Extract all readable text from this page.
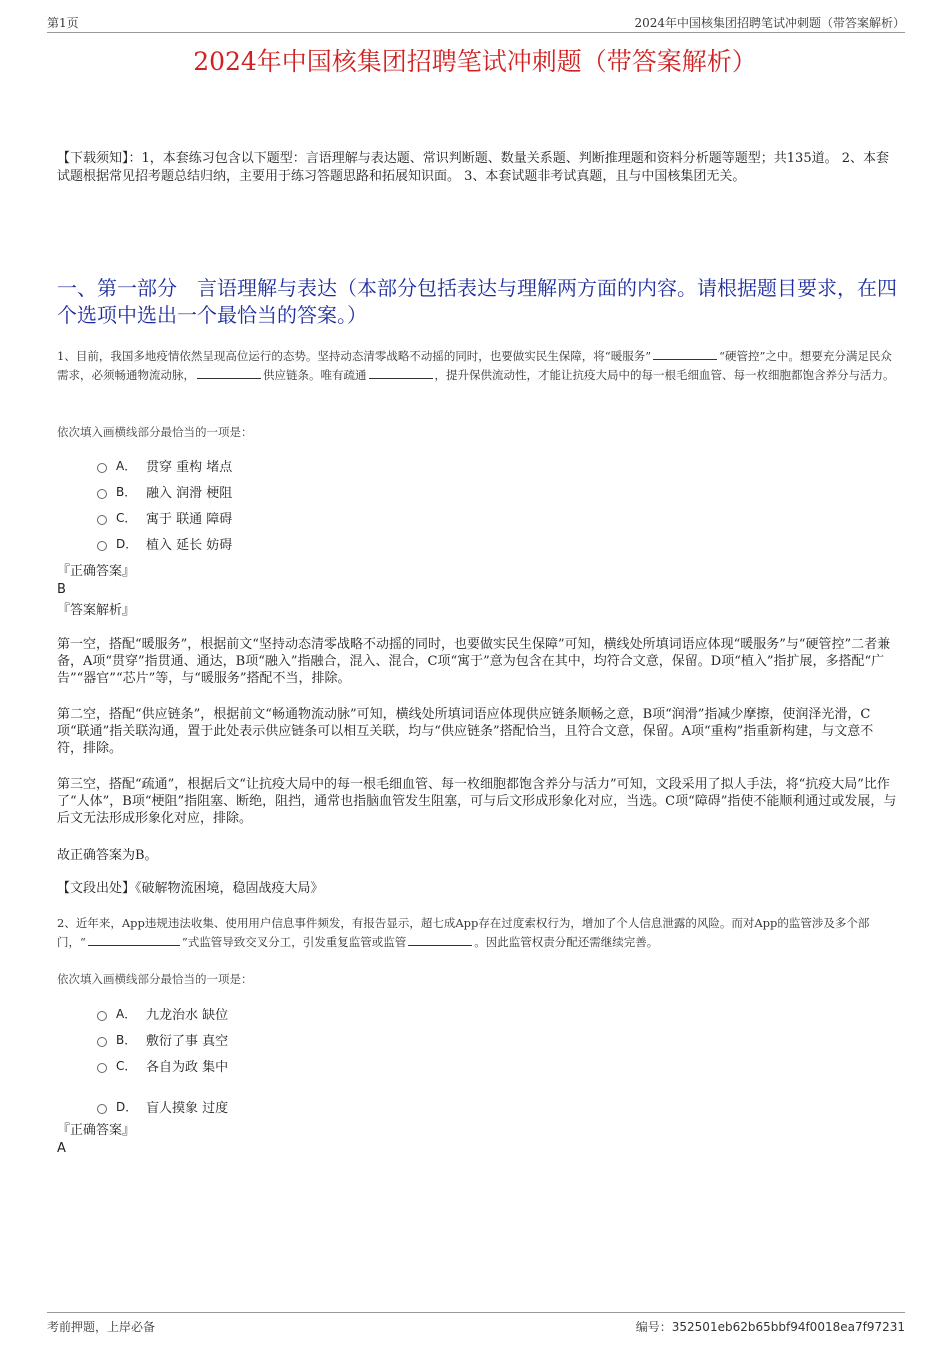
第1页	2024年中国核集团招聘笔试冲刺题（带答案解析）
2024年中国核集团招聘笔试冲刺题（带答案解析）
【下载须知】：1，本套练习包含以下题型：言语理解与表达题、常识判断题、数量关系题、判断推理题和资料分析题等题型；共135道。 2、本套试题根据常见招考题总结归纳，主要用于练习答题思路和拓展知识面。 3、本套试题非考试真题，且与中国核集团无关。
一、第一部分　言语理解与表达（本部分包括表达与理解两方面的内容。请根据题目要求，在四个选项中选出一个最恰当的答案。）
1、目前，我国多地疫情依然呈现高位运行的态势。坚持动态清零战略不动摇的同时，也要做实民生保障，将“暖服务”	“硬管控”之中。想要充分满足民众需求，必须畅通物流动脉，	供应链条。唯有疏通	，提升保供流动性，才能让抗疫大局中的每一根毛细血管、每一枚细胞都饱含养分与活力。
依次填入画横线部分最恰当的一项是：
A． 贯穿 重构 堵点
B． 融入 润滑 梗阻
C． 寓于 联通 障碍
D． 植入 延长 妨碍
『正确答案』
B
『答案解析』
第一空，搭配“暖服务”，根据前文“坚持动态清零战略不动摇的同时，也要做实民生保障”可知，横线处所填词语应体现“暖服务”与“硬管控”二者兼备，A项“贯穿”指贯通、通达，B项“融入”指融合，混入、混合，C项“寓于”意为包含在其中，均符合文意，保留。D项“植入”指扩展，多搭配“广告”“器官”“芯片”等，与“暖服务”搭配不当，排除。
第二空，搭配“供应链条”，根据前文“畅通物流动脉”可知，横线处所填词语应体现供应链条顺畅之意，B项“润滑”指减少摩擦，使润泽光滑，C项“联通”指关联沟通，置于此处表示供应链条可以相互关联，均与“供应链条”搭配恰当，且符合文意，保留。A项“重构”指重新构建，与文意不符，排除。
第三空，搭配“疏通”，根据后文“让抗疫大局中的每一根毛细血管、每一枚细胞都饱含养分与活力”可知，文段采用了拟人手法，将“抗疫大局”比作了“人体”，B项“梗阻”指阻塞、断绝，阻挡，通常也指脑血管发生阻塞，可与后文形成形象化对应，当选。C项“障碍”指使不能顺利通过或发展，与后文无法形成形象化对应，排除。
故正确答案为B。
【文段出处】《破解物流困境，稳固战疫大局》
2、近年来，App违规违法收集、使用用户信息事件频发，有报告显示，超七成App存在过度索权行为，增加了个人信息泄露的风险。而对App的监管涉及多个部门，“	”式监管导致交叉分工，引发重复监管或监管	。因此监管权责分配还需继续完善。
依次填入画横线部分最恰当的一项是：
A． 九龙治水 缺位
B． 敷衍了事 真空
C． 各自为政 集中
D． 盲人摸象 过度
『正确答案』
A
考前押题，上岸必备	编号：352501eb62b65bbf94f0018ea7f97231
